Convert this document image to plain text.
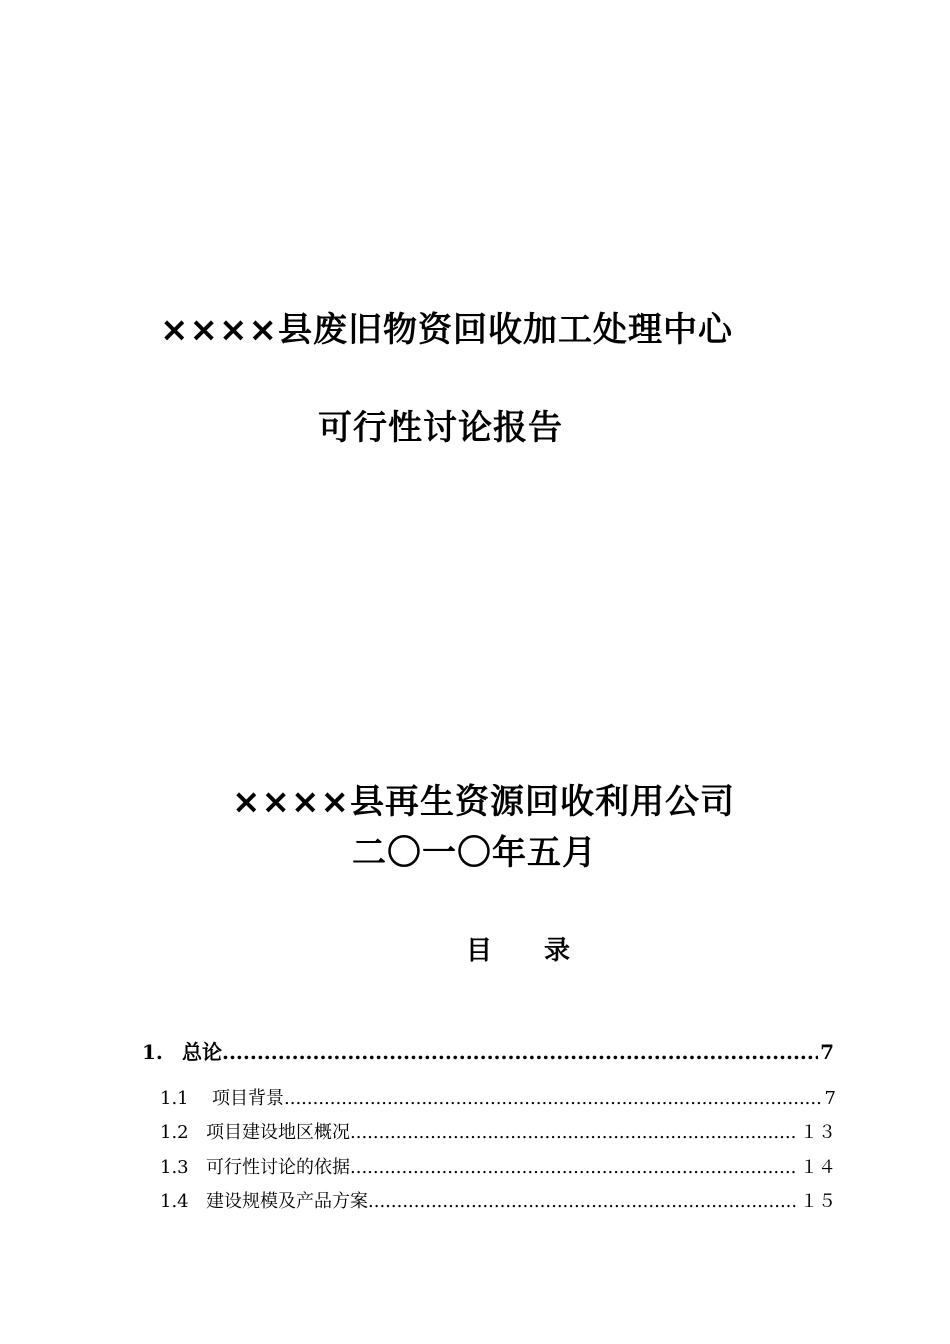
××××县废旧物资回收加工处理中心
可行性讨论报告
××××县再生资源回收利用公司
二〇一〇年五月
目 录
1. 总论 .....	7
1.1	项目背景 .....	7
1.2 项目建设地区概况 .....	１３
1.3 可行性讨论的依据 .....	１４
1.4 建设规模及产品方案 .....	１５
